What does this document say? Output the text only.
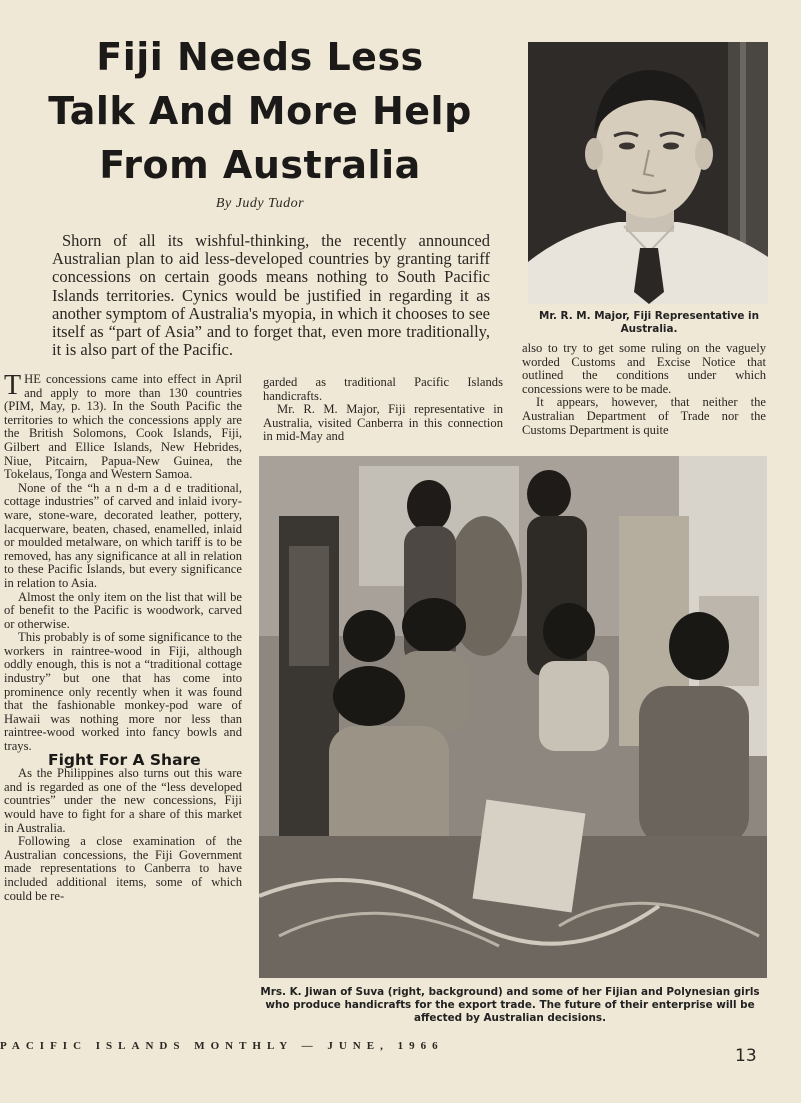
Fiji Needs Less
Talk And More Help
From Australia
By Judy Tudor
Shorn of all its wishful-thinking, the recently announced Australian plan to aid less-developed countries by granting tariff concessions on certain goods means nothing to South Pacific Islands territories. Cynics would be justified in regarding it as another symptom of Australia's myopia, in which it chooses to see itself as “part of Asia” and to forget that, even more traditionally, it is also part of the Pacific.
Mr. R. M. Major, Fiji Representative in Australia.

THE concessions came into effect in April and apply to more than 130 countries (PIM, May, p. 13). In the South Pacific the territories to which the concessions apply are the British Solomons, Cook Islands, Fiji, Gilbert and Ellice Islands, New Hebrides, Niue, Pitcairn, Papua-New Guinea, the Tokelaus, Tonga and Western Samoa.

None of the “h a n d-m a d e traditional, cottage industries” of carved and inlaid ivory-ware, stone-ware, decorated leather, pottery, lacquerware, beaten, chased, enamelled, inlaid or moulded metalware, on which tariff is to be removed, has any significance at all in relation to these Pacific Islands, but every significance in relation to Asia.

Almost the only item on the list that will be of benefit to the Pacific is woodwork, carved or otherwise.

This probably is of some significance to the workers in raintree-wood in Fiji, although oddly enough, this is not a “traditional cottage industry” but one that has come into prominence only recently when it was found that the fashionable monkey-pod ware of Hawaii was nothing more nor less than raintree-wood worked into fancy bowls and trays.

Fight For A Share

As the Philippines also turns out this ware and is regarded as one of the “less developed countries” under the new concessions, Fiji would have to fight for a share of this market in Australia.

Following a close examination of the Australian concessions, the Fiji Government made representations to Canberra to have included additional items, some of which could be re-

garded as traditional Pacific Islands handicrafts.

Mr. R. M. Major, Fiji representative in Australia, visited Canberra in this connection in mid-May and

also to try to get some ruling on the vaguely worded Customs and Excise Notice that outlined the conditions under which concessions were to be made.

It appears, however, that neither the Australian Department of Trade nor the Customs Department is quite

Mrs. K. Jiwan of Suva (right, background) and some of her Fijian and Polynesian girls who produce handicrafts for the export trade. The future of their enterprise will be affected by Australian decisions.
PACIFIC ISLANDS MONTHLY — JUNE, 1966	13
